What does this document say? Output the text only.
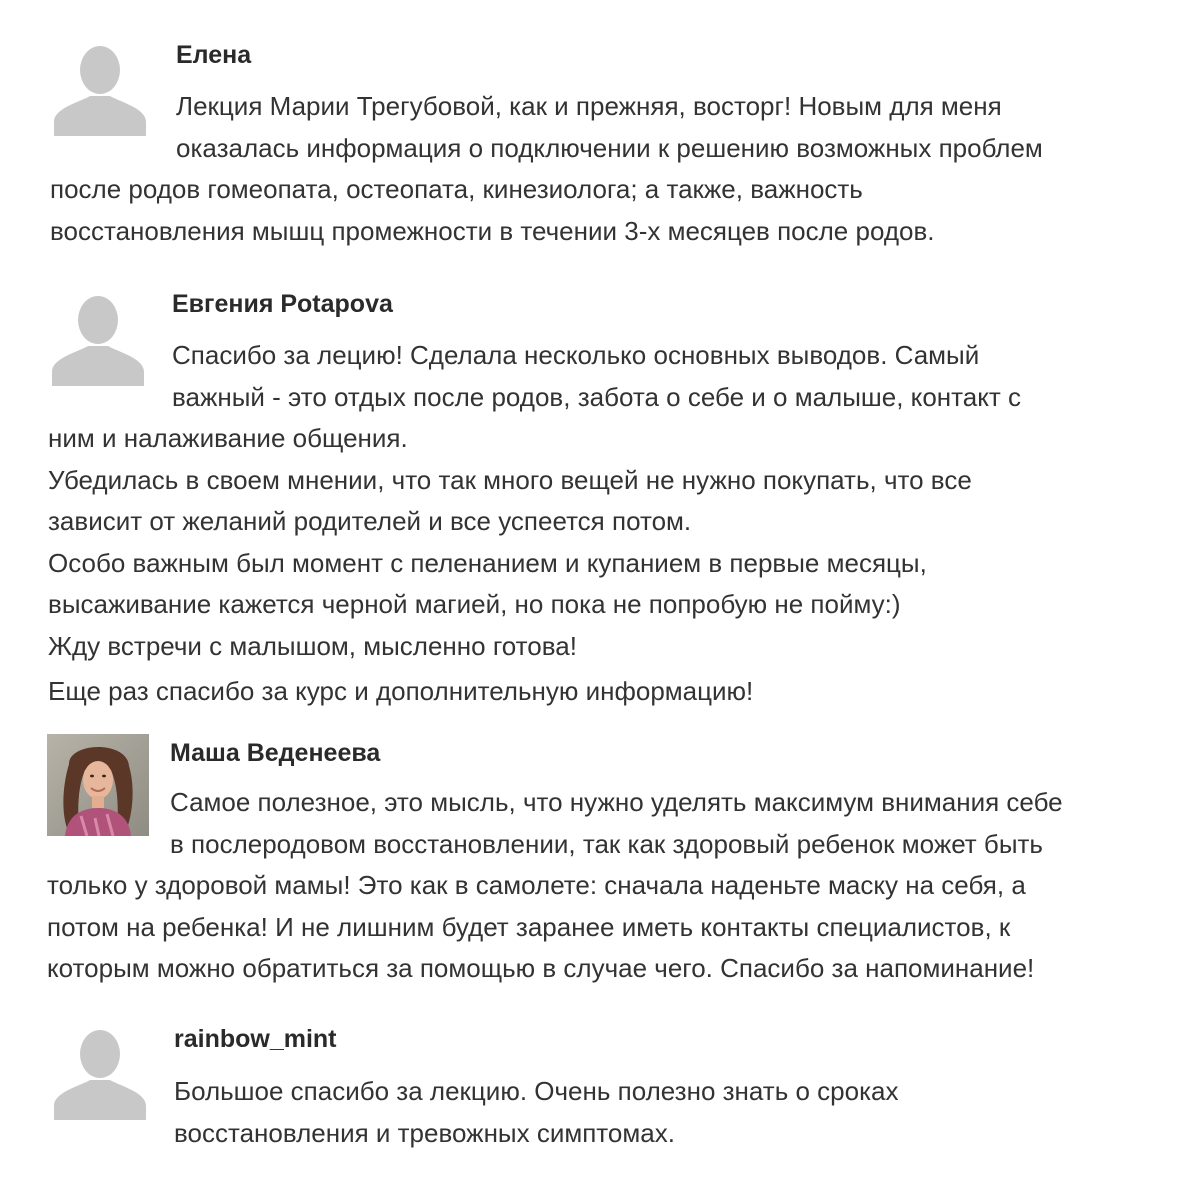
Елена
Лекция Марии Трегубовой, как и прежняя, восторг! Новым для меня
оказалась информация о подключении к решению возможных проблем
после родов гомеопата, остеопата, кинезиолога; а также, важность
восстановления мышц промежности в течении 3-х месяцев после родов.
Евгения Potapova
Спасибо за лецию! Сделала несколько основных выводов. Самый
важный - это отдых после родов, забота о себе и о малыше, контакт с
ним и налаживание общения.
Убедилась в своем мнении, что так много вещей не нужно покупать, что все
зависит от желаний родителей и все успеется потом.
Особо важным был момент с пеленанием и купанием в первые месяцы,
высаживание кажется черной магией, но пока не попробую не пойму:)
Жду встречи с малышом, мысленно готова!
Еще раз спасибо за курс и дополнительную информацию!
Маша Веденеева
Самое полезное, это мысль, что нужно уделять максимум внимания себе
в послеродовом восстановлении, так как здоровый ребенок может быть
только у здоровой мамы! Это как в самолете: сначала наденьте маску на себя, а
потом на ребенка! И не лишним будет заранее иметь контакты специалистов, к
которым можно обратиться за помощью в случае чего. Спасибо за напоминание!
rainbow_mint
Большое спасибо за лекцию. Очень полезно знать о сроках
восстановления и тревожных симптомах.
